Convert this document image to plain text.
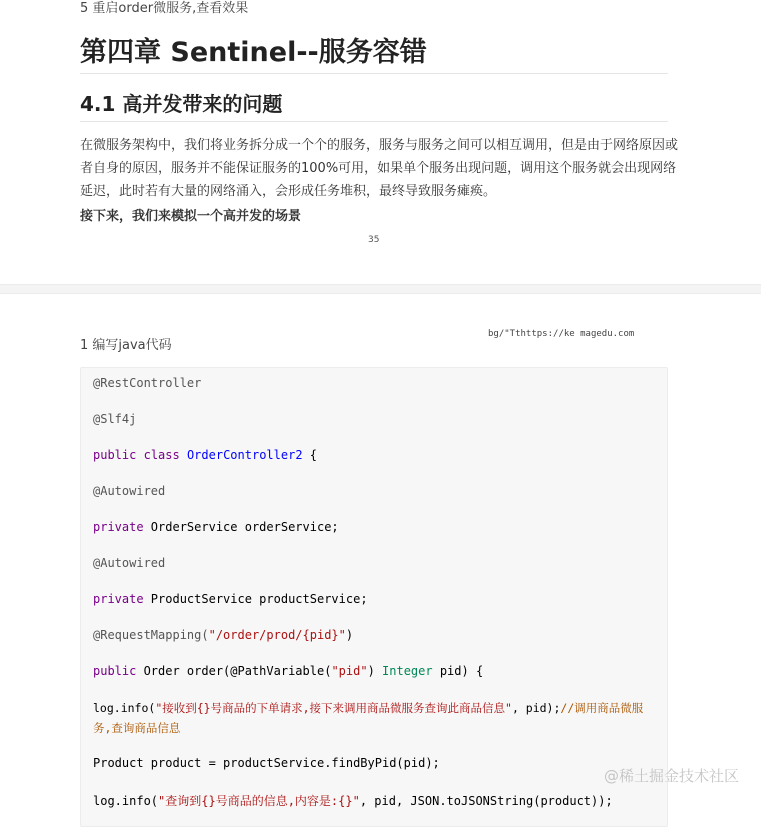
5 重启order微服务,查看效果
第四章 Sentinel--服务容错
4.1 高并发带来的问题

在微服务架构中，我们将业务拆分成一个个的服务，服务与服务之间可以相互调用，但是由于网络原因或者自身的原因，服务并不能保证服务的100%可用，如果单个服务出现问题，调用这个服务就会出现网络延迟，此时若有大量的网络涌入，会形成任务堆积，最终导致服务瘫痪。

接下来，我们来模拟一个高并发的场景

35
1 编写java代码
bg/"Tthttps://ke magedu.com
@RestController
@Slf4j
public class OrderController2 {
@Autowired
private OrderService orderService;
@Autowired
private ProductService productService;
@RequestMapping("/order/prod/{pid}")
public Order order(@PathVariable("pid") Integer pid) {
log.info("接收到{}号商品的下单请求,接下来调用商品微服务查询此商品信息", pid);//调用商品微服
务,查询商品信息
Product product = productService.findByPid(pid);
log.info("查询到{}号商品的信息,内容是:{}", pid, JSON.toJSONString(product));
@稀土掘金技术社区
